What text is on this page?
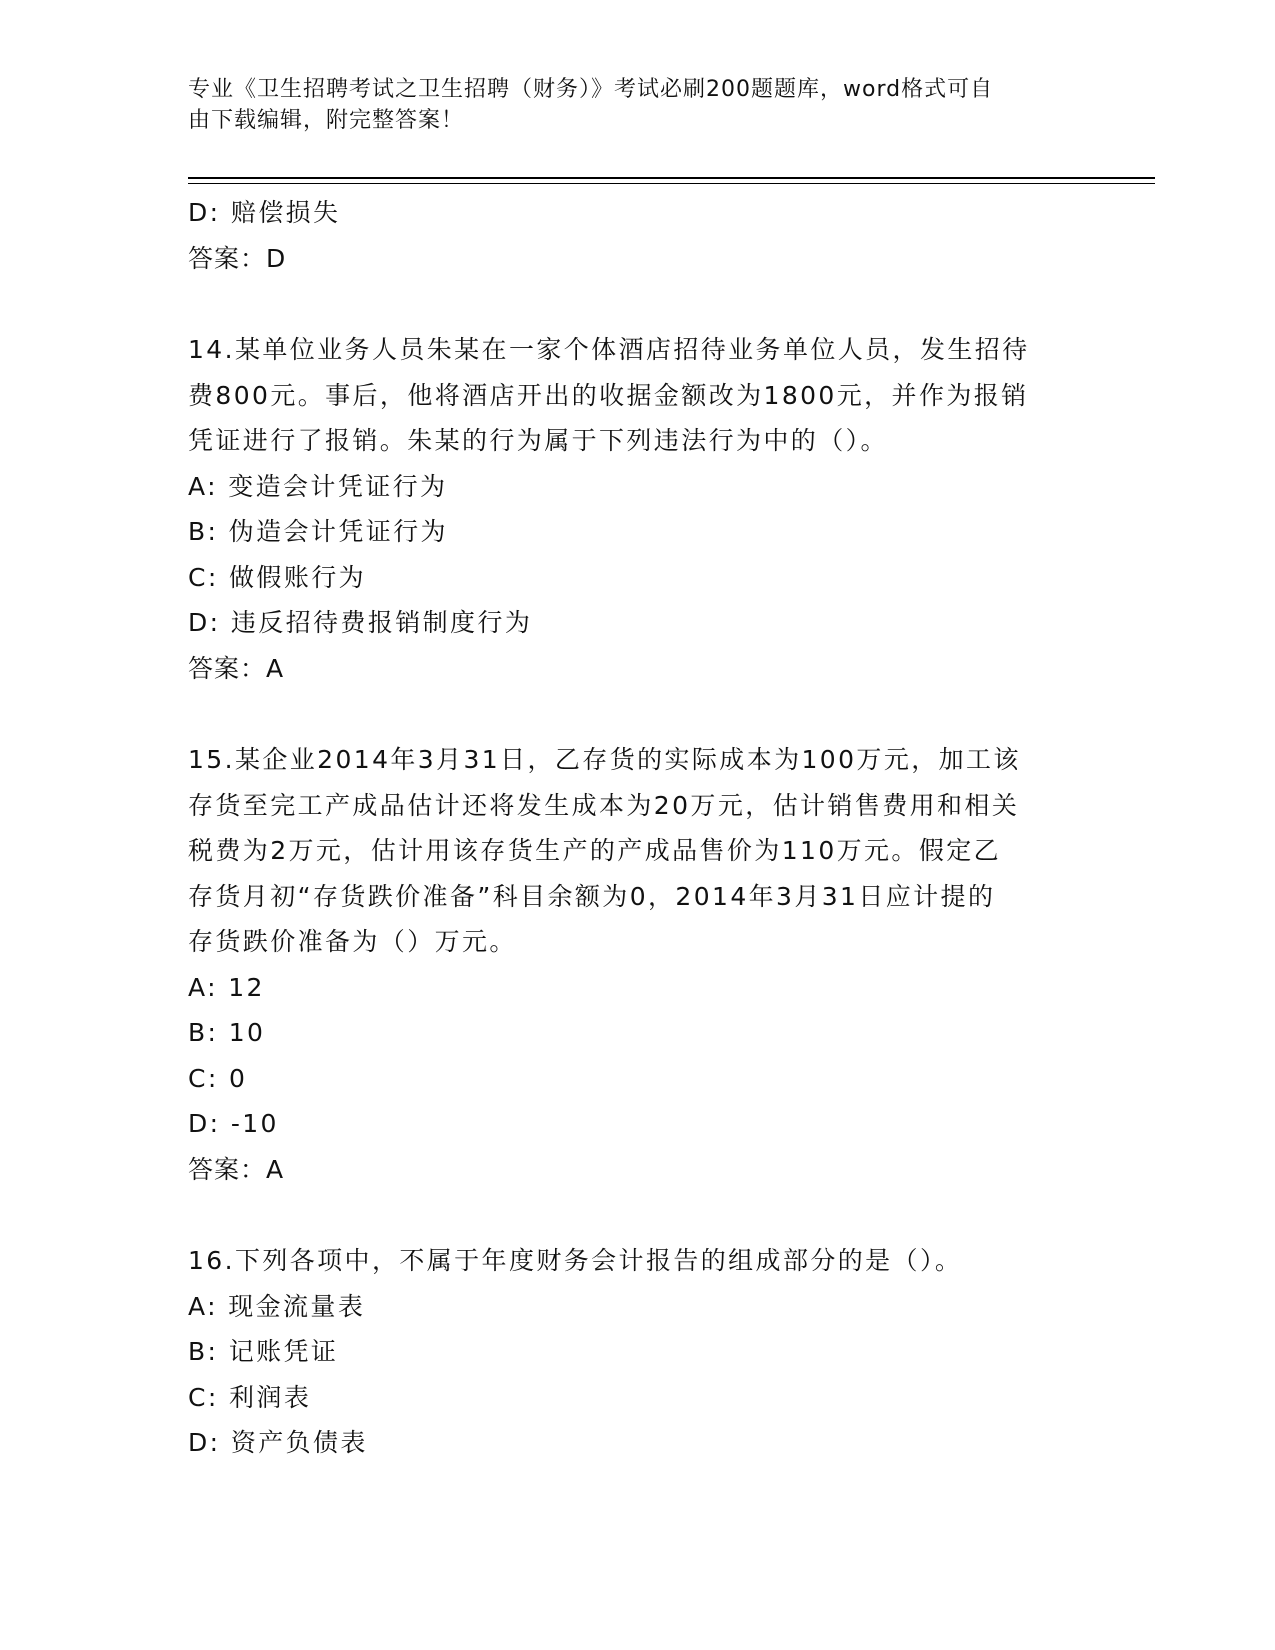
专业《卫生招聘考试之卫生招聘（财务）》考试必刷200题题库，word格式可自
由下载编辑，附完整答案！
D: 赔偿损失
答案：D
14.某单位业务人员朱某在一家个体酒店招待业务单位人员，发生招待
费800元。事后，他将酒店开出的收据金额改为1800元，并作为报销
凭证进行了报销。朱某的行为属于下列违法行为中的（）。
A: 变造会计凭证行为
B: 伪造会计凭证行为
C: 做假账行为
D: 违反招待费报销制度行为
答案：A
15.某企业2014年3月31日，乙存货的实际成本为100万元，加工该
存货至完工产成品估计还将发生成本为20万元，估计销售费用和相关
税费为2万元，估计用该存货生产的产成品售价为110万元。假定乙
存货月初“存货跌价准备”科目余额为0，2014年3月31日应计提的
存货跌价准备为（）万元。
A: 12
B: 10
C: 0
D: -10
答案：A
16.下列各项中，不属于年度财务会计报告的组成部分的是（）。
A: 现金流量表
B: 记账凭证
C: 利润表
D: 资产负债表
